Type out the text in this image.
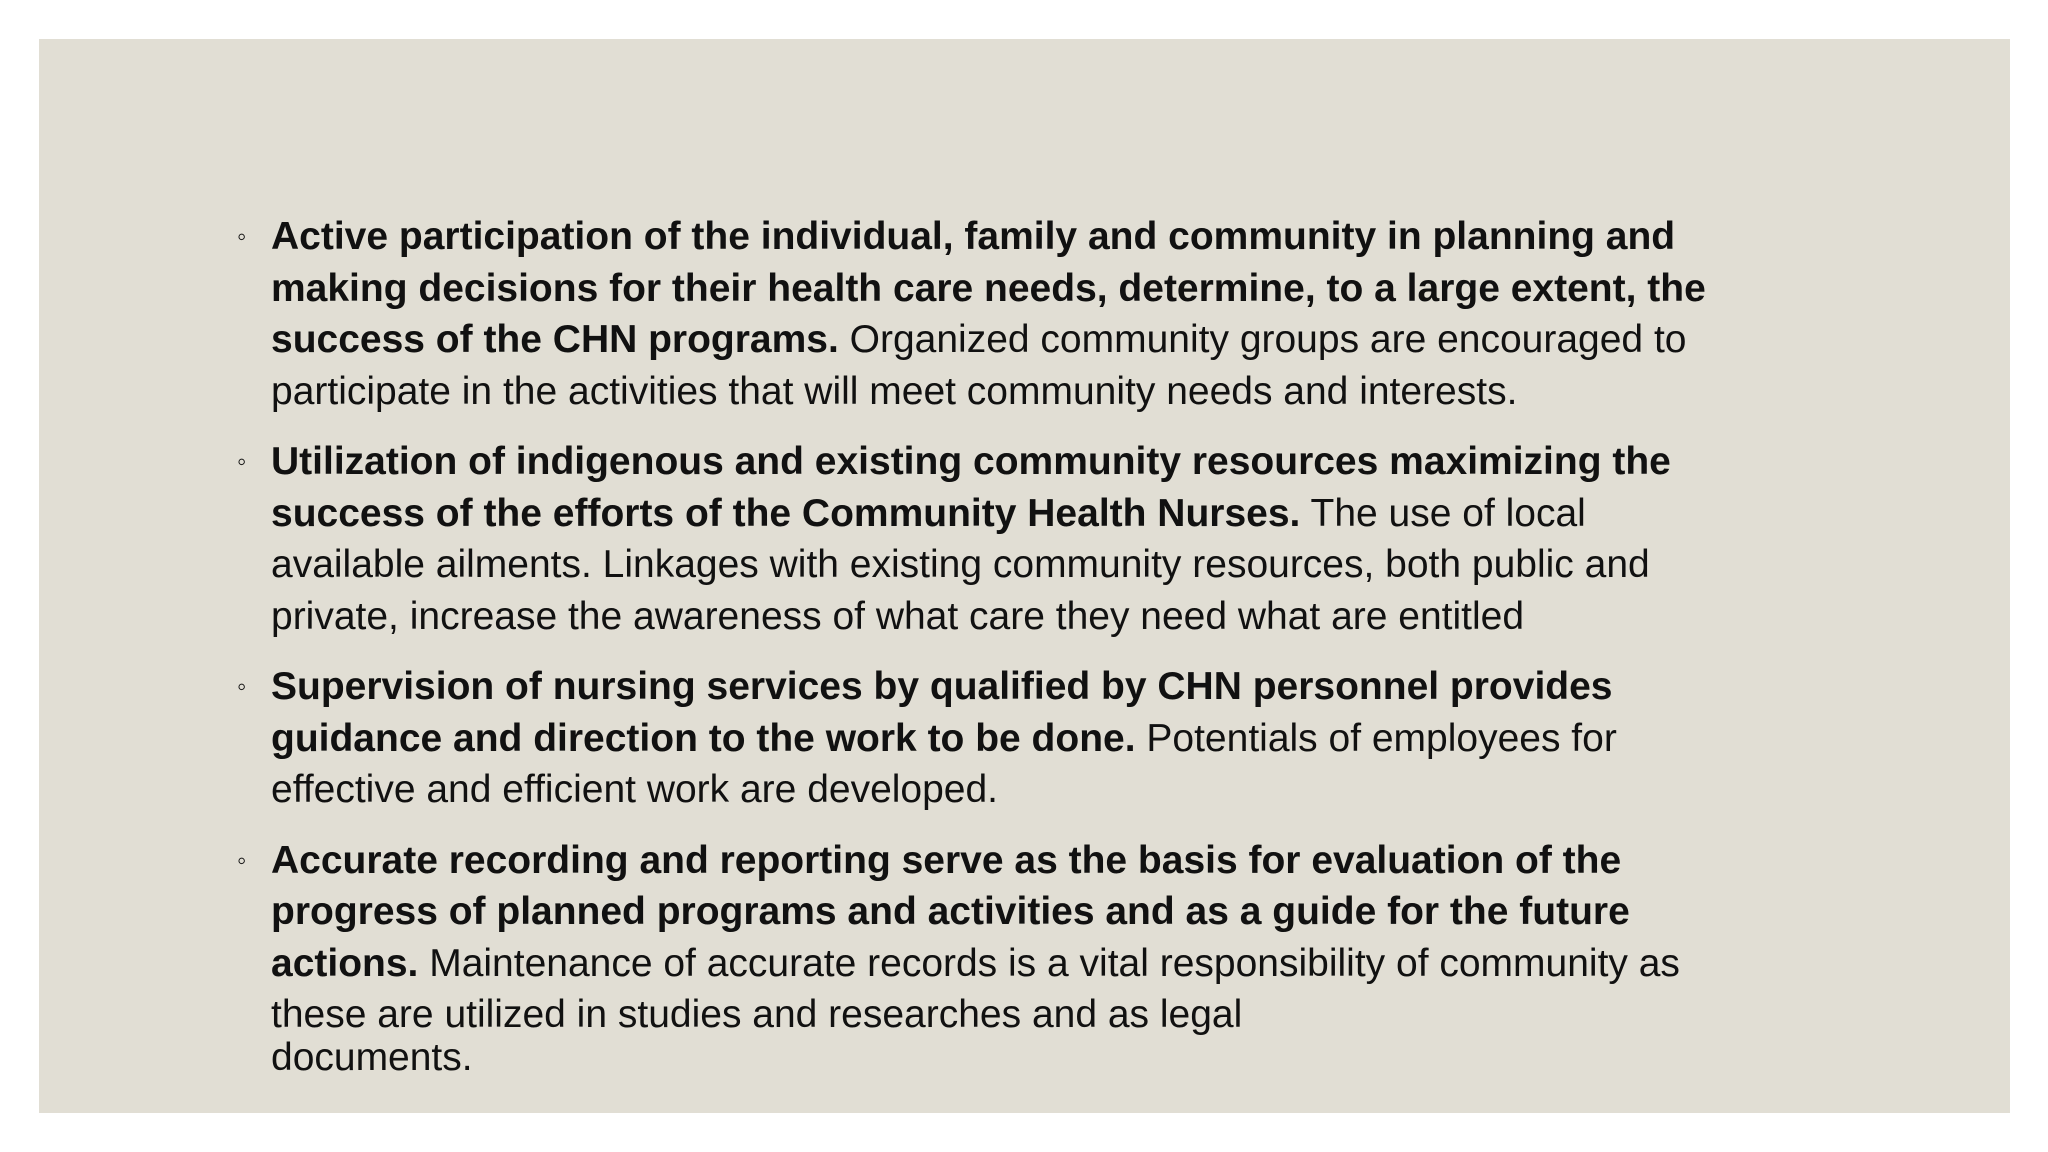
◦ Active participation of the individual, family and community in planning and making decisions for their health care needs, determine, to a large extent, the success of the CHN programs. Organized community groups are encouraged to participate in the activities that will meet community needs and interests.
◦ Utilization of indigenous and existing community resources maximizing the success of the efforts of the Community Health Nurses. The use of local available ailments. Linkages with existing community resources, both public and private, increase the awareness of what care they need what are entitled
◦ Supervision of nursing services by qualified by CHN personnel provides guidance and direction to the work to be done. Potentials of employees for effective and efficient work are developed.
◦ Accurate recording and reporting serve as the basis for evaluation of the progress of planned programs and activities and as a guide for the future actions. Maintenance of accurate records is a vital responsibility of community as these are utilized in studies and researches and as legal
documents.
